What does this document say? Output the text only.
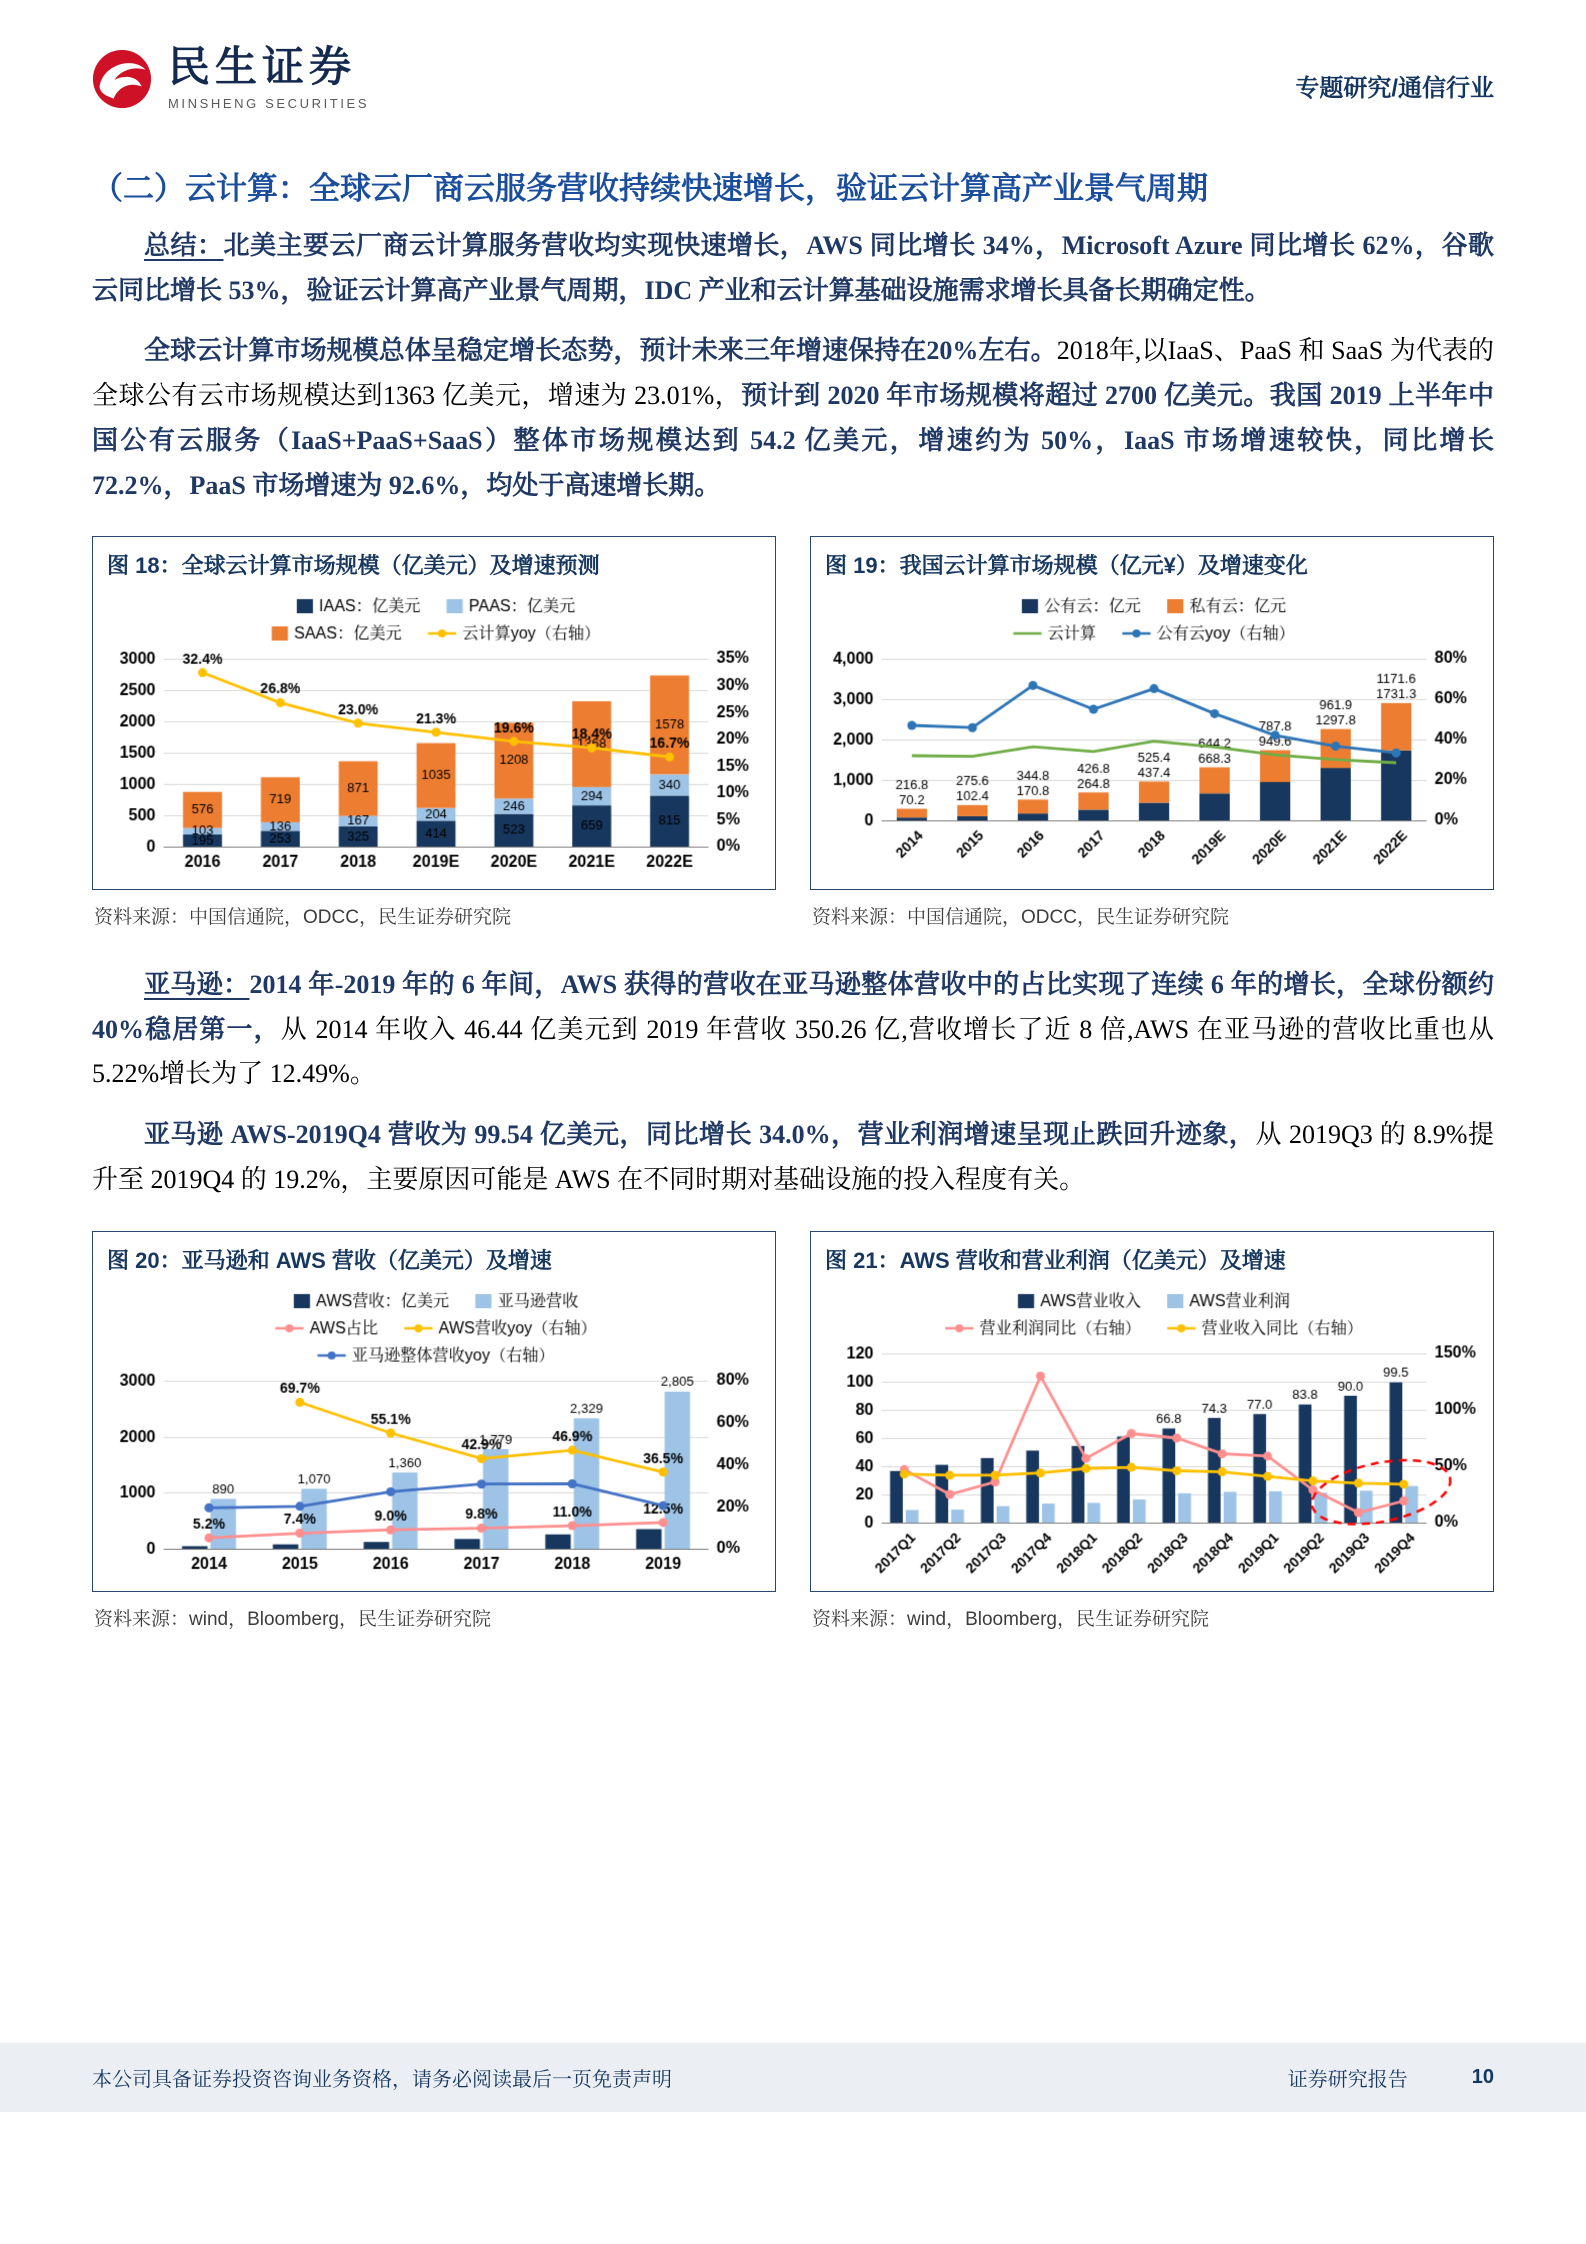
民生证券
MINSHENG SECURITIES
专题研究/通信行业
（二）云计算：全球云厂商云服务营收持续快速增长，验证云计算高产业景气周期

总结：北美主要云厂商云计算服务营收均实现快速增长，AWS 同比增长 34%，Microsoft Azure 同比增长 62%，谷歌云同比增长 53%，验证云计算高产业景气周期，IDC 产业和云计算基础设施需求增长具备长期确定性。

全球云计算市场规模总体呈稳定增长态势，预计未来三年增速保持在20%左右。2018年,以IaaS、PaaS 和 SaaS 为代表的全球公有云市场规模达到1363 亿美元，增速为 23.01%，预计到 2020 年市场规模将超过 2700 亿美元。我国 2019 上半年中国公有云服务（IaaS+PaaS+SaaS）整体市场规模达到 54.2 亿美元，增速约为 50%，IaaS 市场增速较快，同比增长 72.2%，PaaS 市场增速为 92.6%，均处于高速增长期。

图 18：全球云计算市场规模（亿美元）及增速预测
资料来源：中国信通院，ODCC，民生证券研究院
图 19：我国云计算市场规模（亿元¥）及增速变化
资料来源：中国信通院，ODCC，民生证券研究院

亚马逊：2014 年-2019 年的 6 年间，AWS 获得的营收在亚马逊整体营收中的占比实现了连续 6 年的增长，全球份额约 40%稳居第一，从 2014 年收入 46.44 亿美元到 2019 年营收 350.26 亿,营收增长了近 8 倍,AWS 在亚马逊的营收比重也从 5.22%增长为了 12.49%。

亚马逊 AWS-2019Q4 营收为 99.54 亿美元，同比增长 34.0%，营业利润增速呈现止跌回升迹象，从 2019Q3 的 8.9%提升至 2019Q4 的 19.2%，主要原因可能是 AWS 在不同时期对基础设施的投入程度有关。

图 20：亚马逊和 AWS 营收（亿美元）及增速
资料来源：wind，Bloomberg，民生证券研究院
图 21：AWS 营收和营业利润（亿美元）及增速
资料来源：wind，Bloomberg，民生证券研究院
本公司具备证券投资咨询业务资格，请务必阅读最后一页免责声明	证券研究报告	10
